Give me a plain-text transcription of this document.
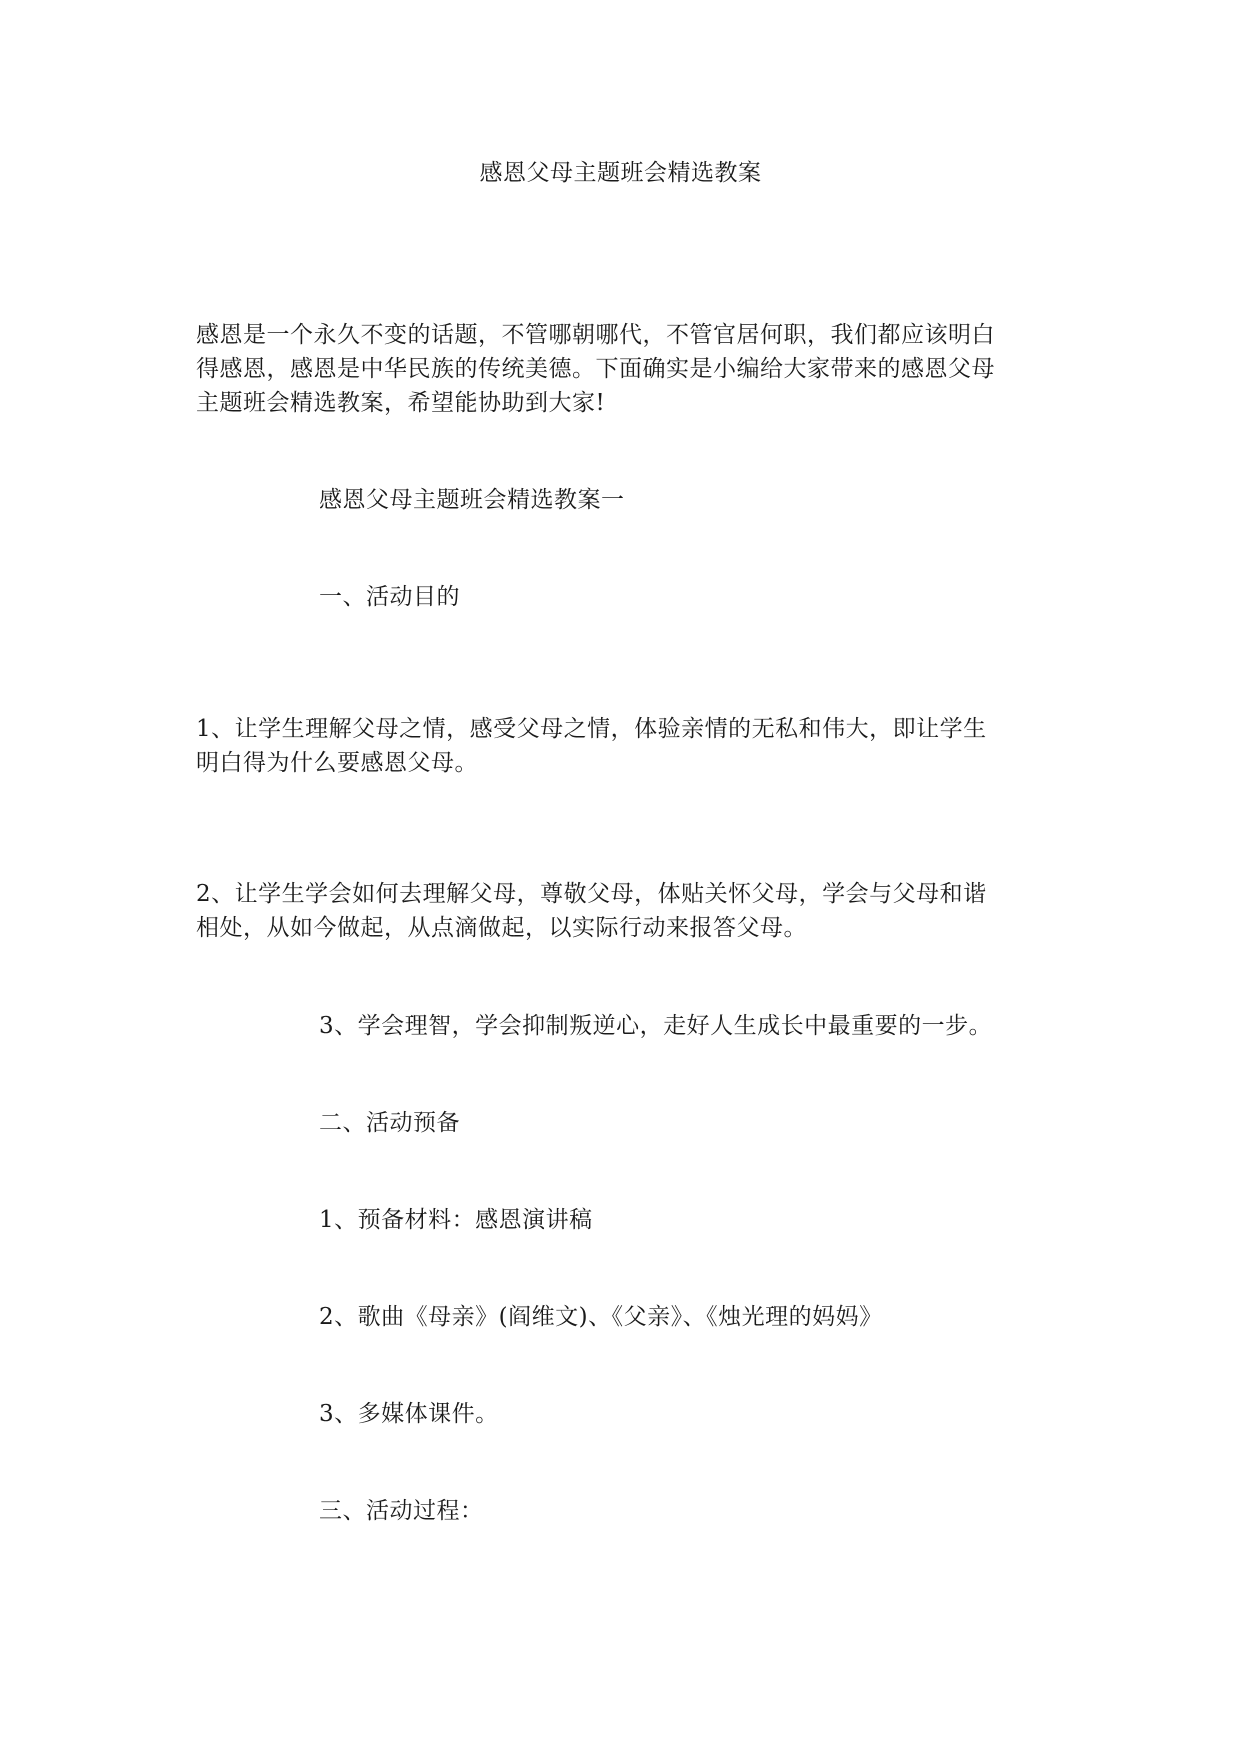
感恩父母主题班会精选教案
感恩是一个永久不变的话题，不管哪朝哪代，不管官居何职，我们都应该明白
得感恩，感恩是中华民族的传统美德。下面确实是小编给大家带来的感恩父母
主题班会精选教案，希望能协助到大家!
感恩父母主题班会精选教案一
一、活动目的
1、让学生理解父母之情，感受父母之情，体验亲情的无私和伟大，即让学生
明白得为什么要感恩父母。
2、让学生学会如何去理解父母，尊敬父母，体贴关怀父母，学会与父母和谐
相处，从如今做起，从点滴做起，以实际行动来报答父母。
3、学会理智，学会抑制叛逆心，走好人生成长中最重要的一步。
二、活动预备
1、预备材料：感恩演讲稿
2、歌曲《母亲》(阎维文)、《父亲》、《烛光理的妈妈》
3、多媒体课件。
三、活动过程：
